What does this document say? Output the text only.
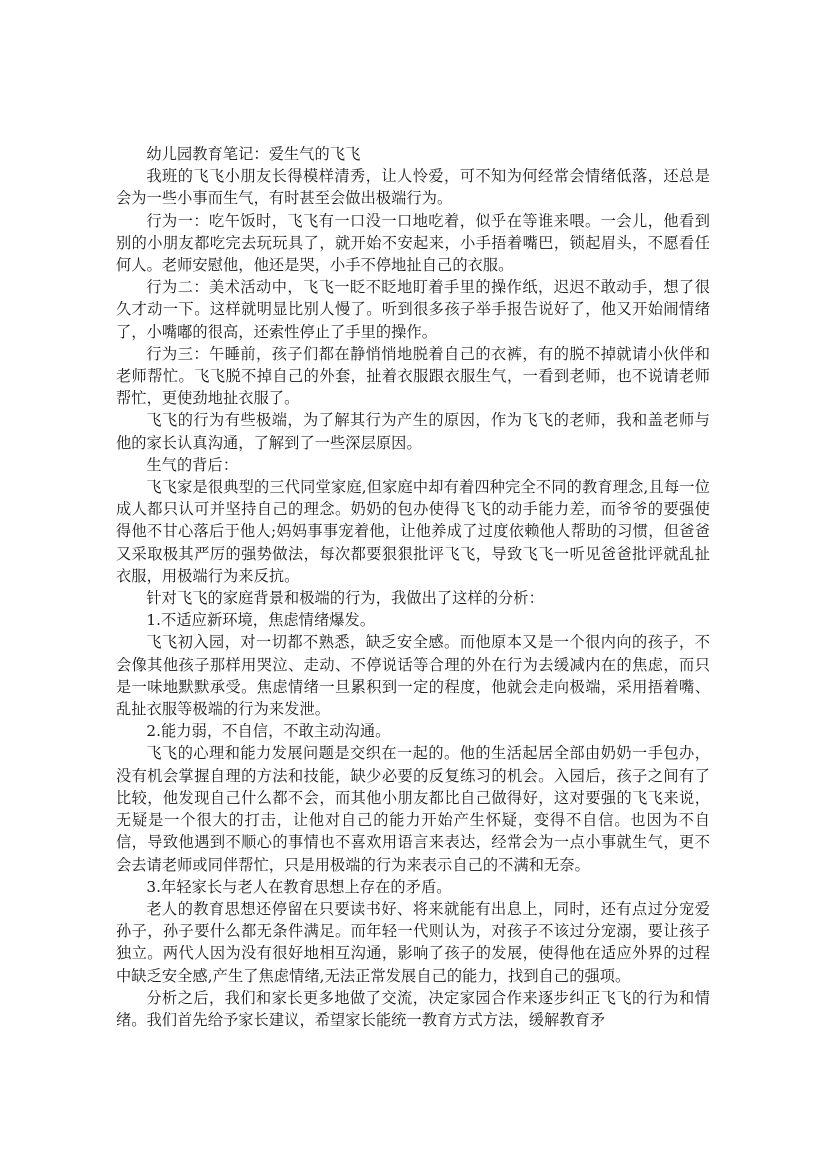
幼儿园教育笔记：爱生气的飞飞

我班的飞飞小朋友长得模样清秀，让人怜爱，可不知为何经常会情绪低落，还总是会为一些小事而生气，有时甚至会做出极端行为。

行为一：吃午饭时，飞飞有一口没一口地吃着，似乎在等谁来喂。一会儿，他看到别的小朋友都吃完去玩玩具了，就开始不安起来，小手捂着嘴巴，锁起眉头，不愿看任何人。老师安慰他，他还是哭，小手不停地扯自己的衣服。

行为二：美术活动中，飞飞一眨不眨地盯着手里的操作纸，迟迟不敢动手，想了很久才动一下。这样就明显比别人慢了。听到很多孩子举手报告说好了，他又开始闹情绪了，小嘴嘟的很高，还索性停止了手里的操作。

行为三：午睡前，孩子们都在静悄悄地脱着自己的衣裤，有的脱不掉就请小伙伴和老师帮忙。飞飞脱不掉自己的外套，扯着衣服跟衣服生气，一看到老师，也不说请老师帮忙，更使劲地扯衣服了。

飞飞的行为有些极端，为了解其行为产生的原因，作为飞飞的老师，我和盖老师与他的家长认真沟通，了解到了一些深层原因。

生气的背后：

飞飞家是很典型的三代同堂家庭,但家庭中却有着四种完全不同的教育理念,且每一位成人都只认可并坚持自己的理念。奶奶的包办使得飞飞的动手能力差，而爷爷的要强使得他不甘心落后于他人;妈妈事事宠着他，让他养成了过度依赖他人帮助的习惯，但爸爸又采取极其严厉的强势做法，每次都要狠狠批评飞飞，导致飞飞一听见爸爸批评就乱扯衣服，用极端行为来反抗。

针对飞飞的家庭背景和极端的行为，我做出了这样的分析：

1.不适应新环境，焦虑情绪爆发。

飞飞初入园，对一切都不熟悉，缺乏安全感。而他原本又是一个很内向的孩子，不会像其他孩子那样用哭泣、走动、不停说话等合理的外在行为去缓减内在的焦虑，而只是一味地默默承受。焦虑情绪一旦累积到一定的程度，他就会走向极端，采用捂着嘴、乱扯衣服等极端的行为来发泄。

2.能力弱，不自信，不敢主动沟通。

飞飞的心理和能力发展问题是交织在一起的。他的生活起居全部由奶奶一手包办，没有机会掌握自理的方法和技能，缺少必要的反复练习的机会。入园后，孩子之间有了比较，他发现自己什么都不会，而其他小朋友都比自己做得好，这对要强的飞飞来说，无疑是一个很大的打击，让他对自己的能力开始产生怀疑，变得不自信。也因为不自信，导致他遇到不顺心的事情也不喜欢用语言来表达，经常会为一点小事就生气，更不会去请老师或同伴帮忙，只是用极端的行为来表示自己的不满和无奈。

3.年轻家长与老人在教育思想上存在的矛盾。

老人的教育思想还停留在只要读书好、将来就能有出息上，同时，还有点过分宠爱孙子，孙子要什么都无条件满足。而年轻一代则认为，对孩子不该过分宠溺，要让孩子独立。两代人因为没有很好地相互沟通，影响了孩子的发展，使得他在适应外界的过程中缺乏安全感,产生了焦虑情绪,无法正常发展自己的能力，找到自己的强项。

分析之后，我们和家长更多地做了交流，决定家园合作来逐步纠正飞飞的行为和情绪。我们首先给予家长建议，希望家长能统一教育方式方法，缓解教育矛
